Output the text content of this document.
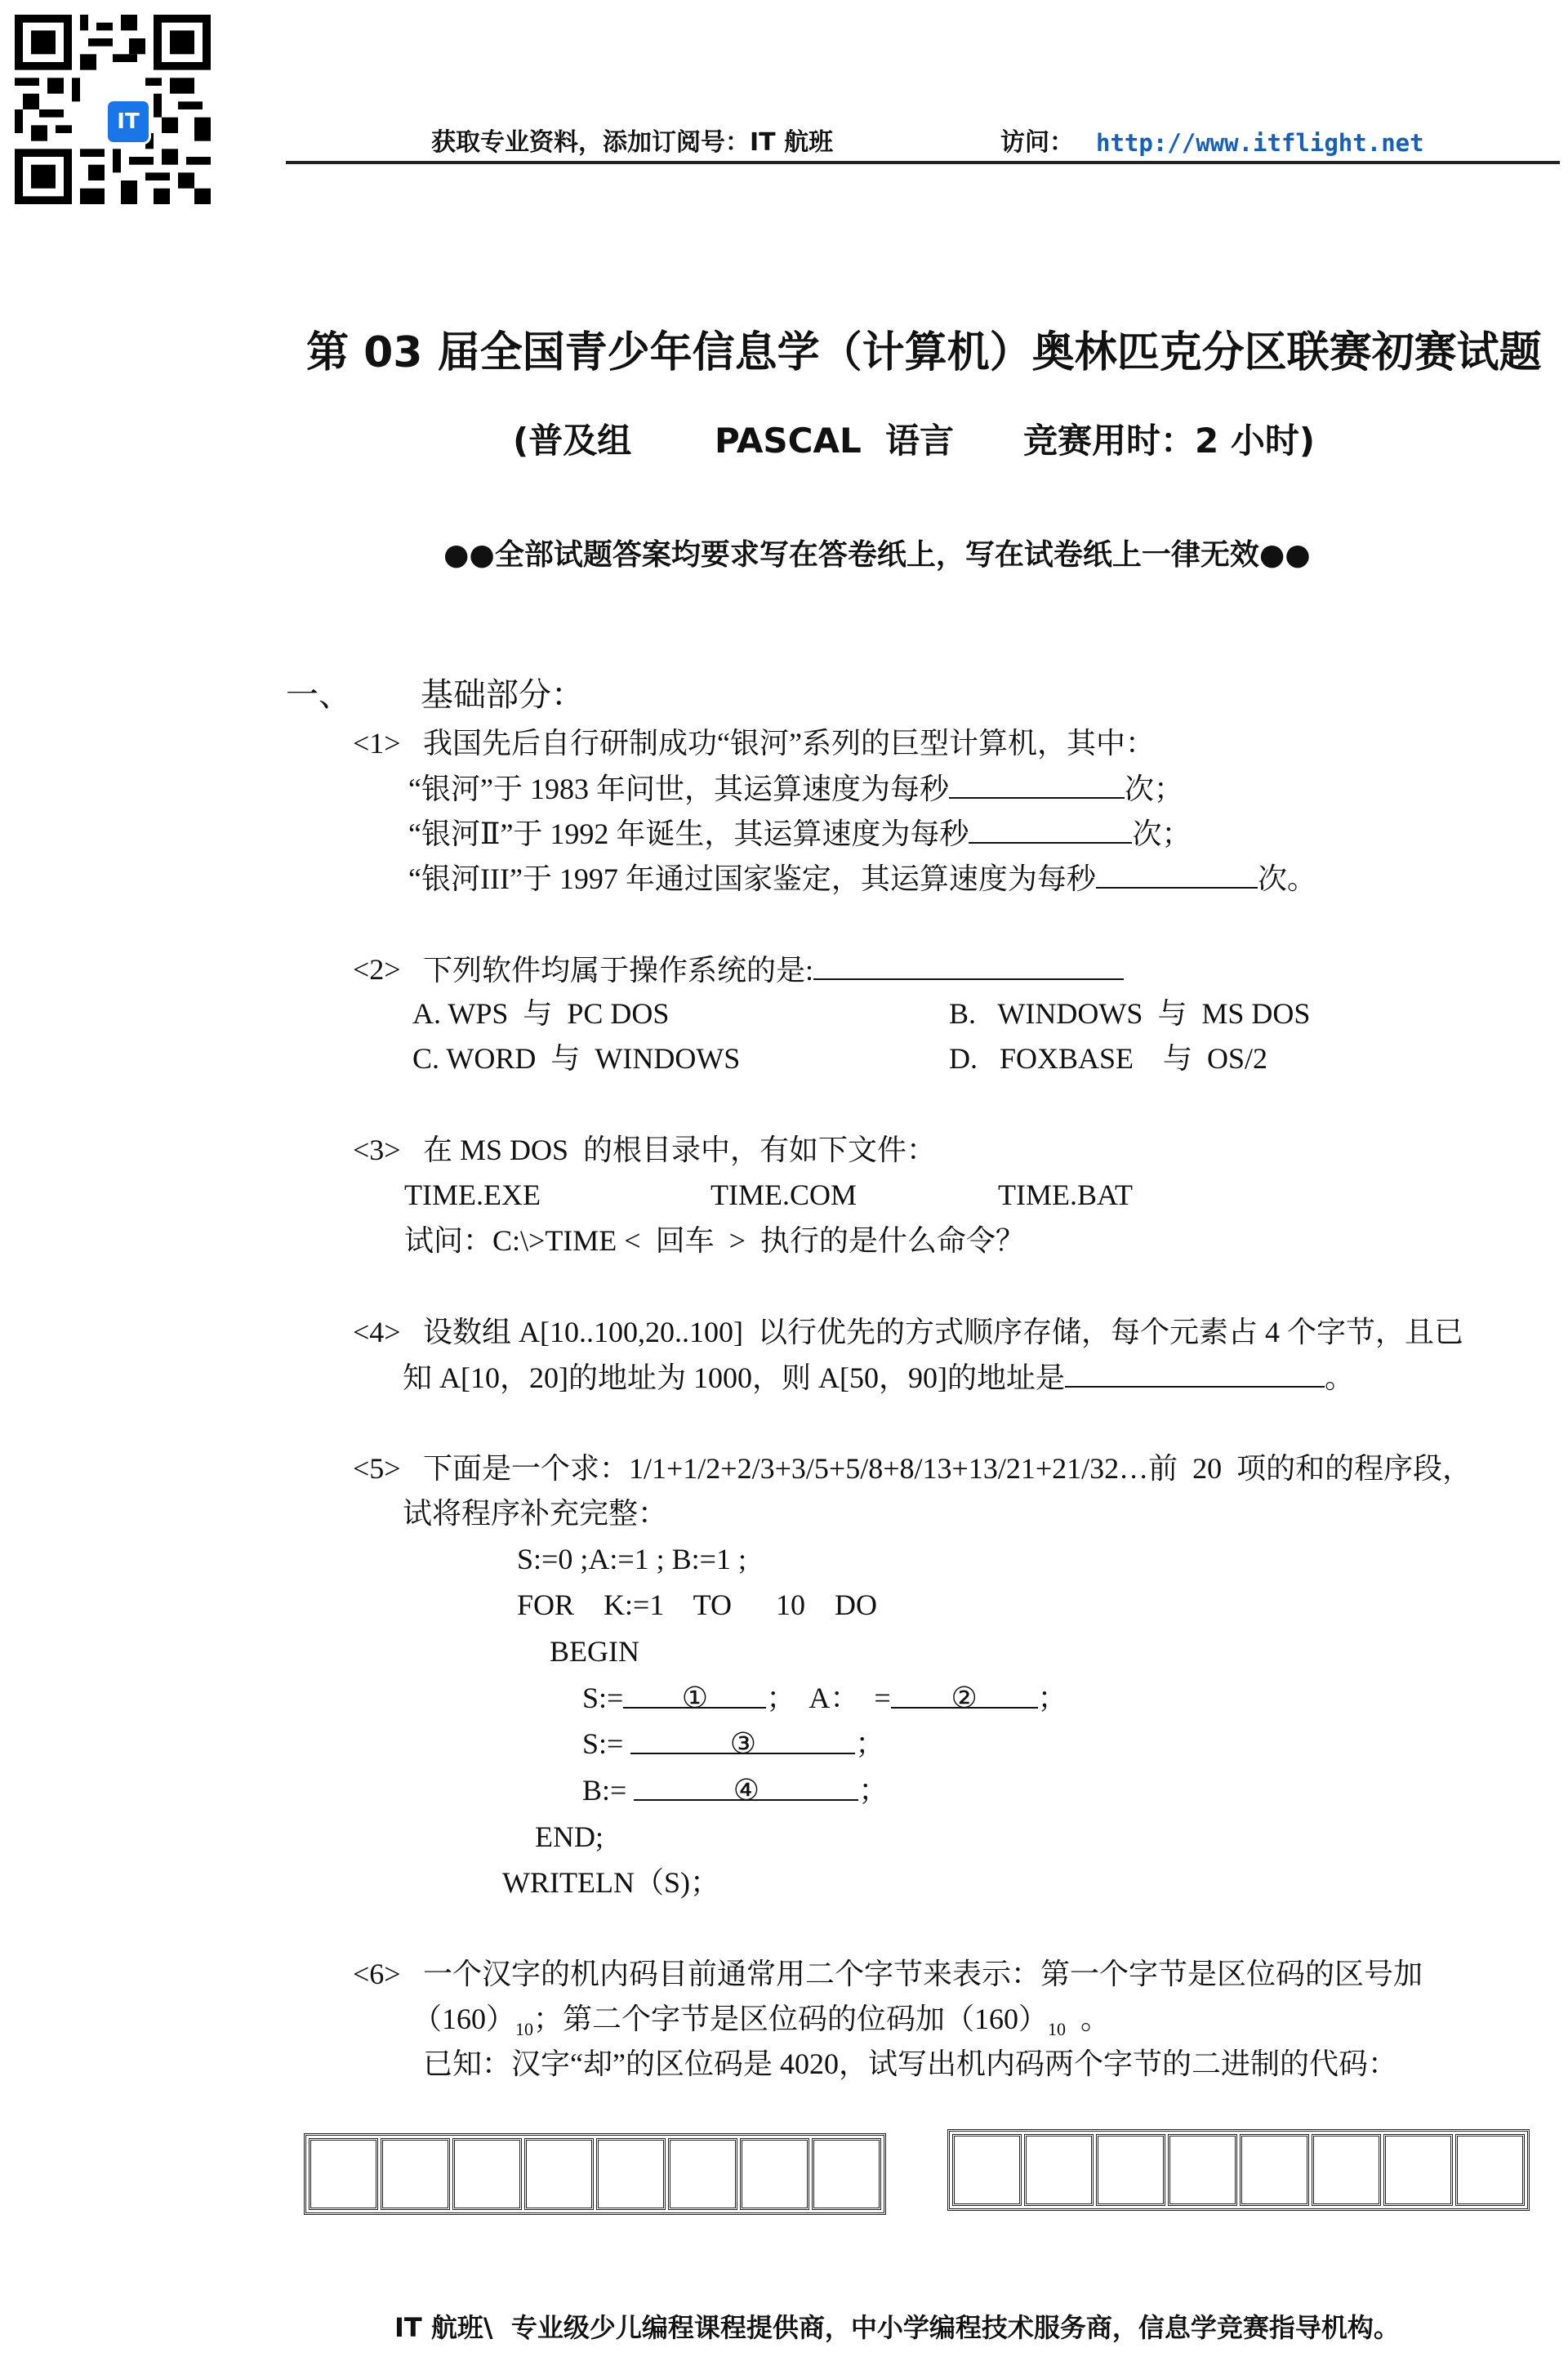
IT
获取专业资料，添加订阅号：IT 航班	访问： http://www.itflight.net
第 03 届全国青少年信息学（计算机）奥林匹克分区联赛初赛试题
(普及组 PASCAL  语言 竞赛用时：2 小时)
●●全部试题答案均要求写在答卷纸上，写在试卷纸上一律无效●●
一、 基础部分：
<1> 我国先后自行研制成功“银河”系列的巨型计算机，其中：
“银河”于 1983 年问世，其运算速度为每秒	次；
“银河Ⅱ”于 1992 年诞生，其运算速度为每秒	次；
“银河III”于 1997 年通过国家鉴定，其运算速度为每秒	次。
<2> 下列软件均属于操作系统的是:
A. WPS  与  PC DOS	B. WINDOWS  与  MS DOS
C. WORD  与  WINDOWS	D. FOXBASE    与  OS/2
<3> 在 MS DOS  的根目录中，有如下文件：
TIME.EXE	TIME.COM	TIME.BAT
试问：C:\>TIME <  回车  >  执行的是什么命令？
<4> 设数组 A[10..100,20..100]  以行优先的方式顺序存储，每个元素占 4 个字节，且已
知 A[10，20]的地址为 1000，则 A[50，90]的地址是	。
<5> 下面是一个求：1/1+1/2+2/3+3/5+5/8+8/13+13/21+21/32…前  20  项的和的程序段，
试将程序补充完整：
S:=0 ;A:=1 ; B:=1 ;
FOR    K:=1    TO      10    DO
BEGIN
S:= ① ；  A：  = ② ；
S:=	③	；
B:=	④	；
END;
WRITELN（S)；
<6> 一个汉字的机内码目前通常用二个字节来表示：第一个字节是区位码的区号加
$(160)_{10}$；第二个字节是区位码的位码加$(160)_{10}$  。
已知：汉字“却”的区位码是 4020，试写出机内码两个字节的二进制的代码：
IT 航班\  专业级少儿编程课程提供商，中小学编程技术服务商，信息学竞赛指导机构。
